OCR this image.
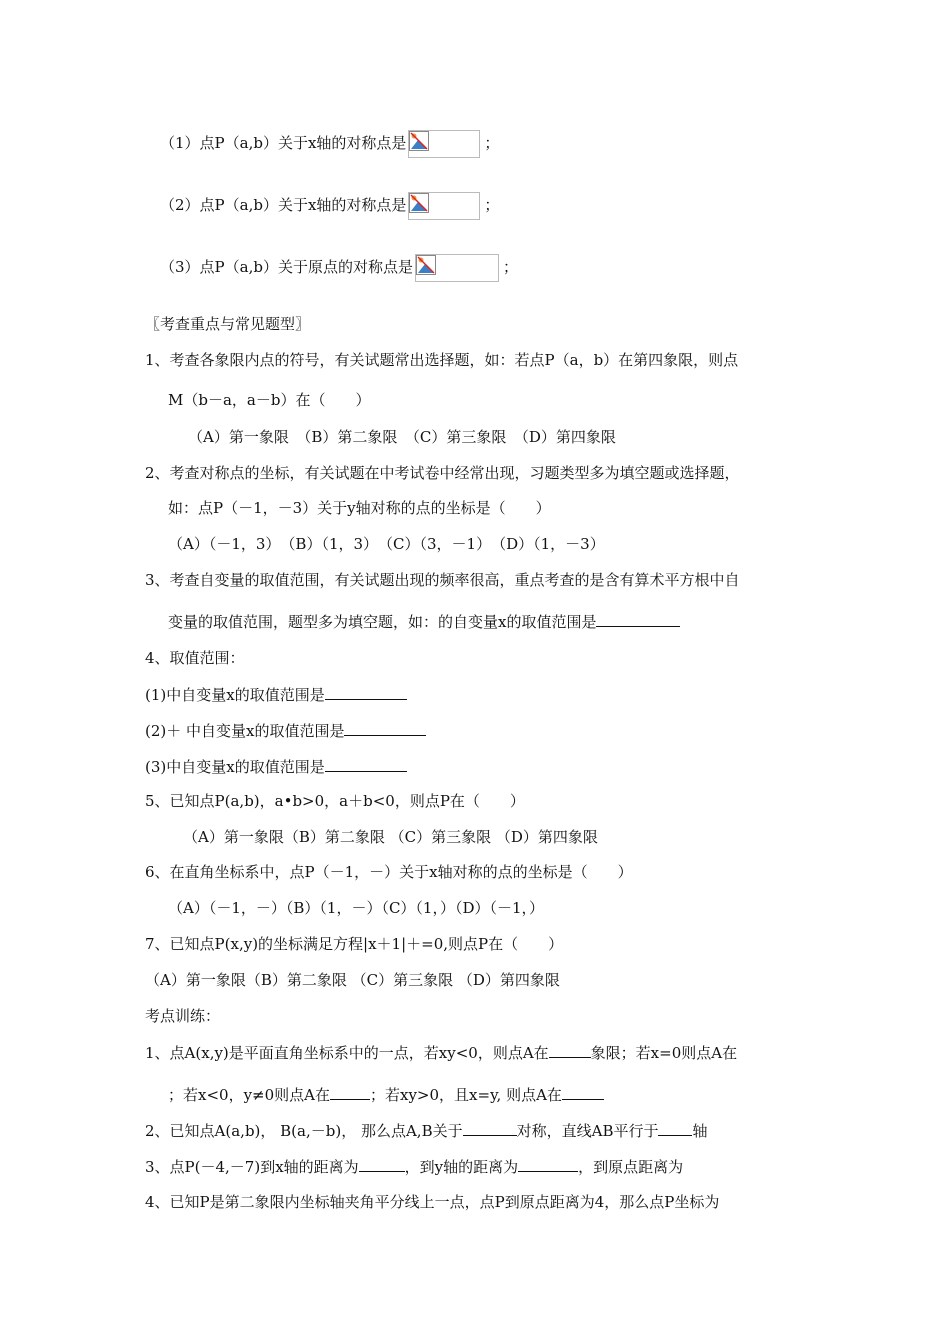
（1）点P（a,b）关于x轴的对称点是	；
（2）点P（a,b）关于x轴的对称点是	；
（3）点P（a,b）关于原点的对称点是	；
〖考查重点与常见题型〗
1、考查各象限内点的符号，有关试题常出选择题，如：若点P（a，b）在第四象限，则点
M（b－a，a－b）在（　　）
（A）第一象限　（B）第二象限　（C）第三象限　（D）第四象限
2、考查对称点的坐标，有关试题在中考试卷中经常出现，习题类型多为填空题或选择题，
如：点P（－1，－3）关于y轴对称的点的坐标是（　　）
（A）（－1，3）　（B）（1，3）　（C）（3，－1）　（D）（1，－3）
3、考查自变量的取值范围，有关试题出现的频率很高，重点考查的是含有算术平方根中自
变量的取值范围，题型多为填空题，如：的自变量x的取值范围是
4、取值范围：
(1)中自变量x的取值范围是
(2)＋ 中自变量x的取值范围是
(3)中自变量x的取值范围是
5、已知点P(a,b)，a•b>0，a＋b<0，则点P在（　　）
（A）第一象限（B）第二象限 （C）第三象限 （D）第四象限
6、在直角坐标系中，点P（－1，－）关于x轴对称的点的坐标是（　　）
（A）（－1，－）（B）（1，－）（C）（1，）（D）（－1，）
7、已知点P(x,y)的坐标满足方程|x＋1|＋=0,则点P在（　　）
（A）第一象限（B）第二象限 （C）第三象限 （D）第四象限
考点训练：
1、点A(x,y)是平面直角坐标系中的一点，若xy<0，则点A在	象限；若x=0则点A在
；若x<0，y≠0则点A在	；若xy>0，且x=y, 则点A在
2、已知点A(a,b)， B(a,－b)， 那么点A,B关于	对称，直线AB平行于 轴
3、点P(－4,－7)到x轴的距离为	，到y轴的距离为	，到原点距离为
4、已知P是第二象限内坐标轴夹角平分线上一点，点P到原点距离为4，那么点P坐标为
